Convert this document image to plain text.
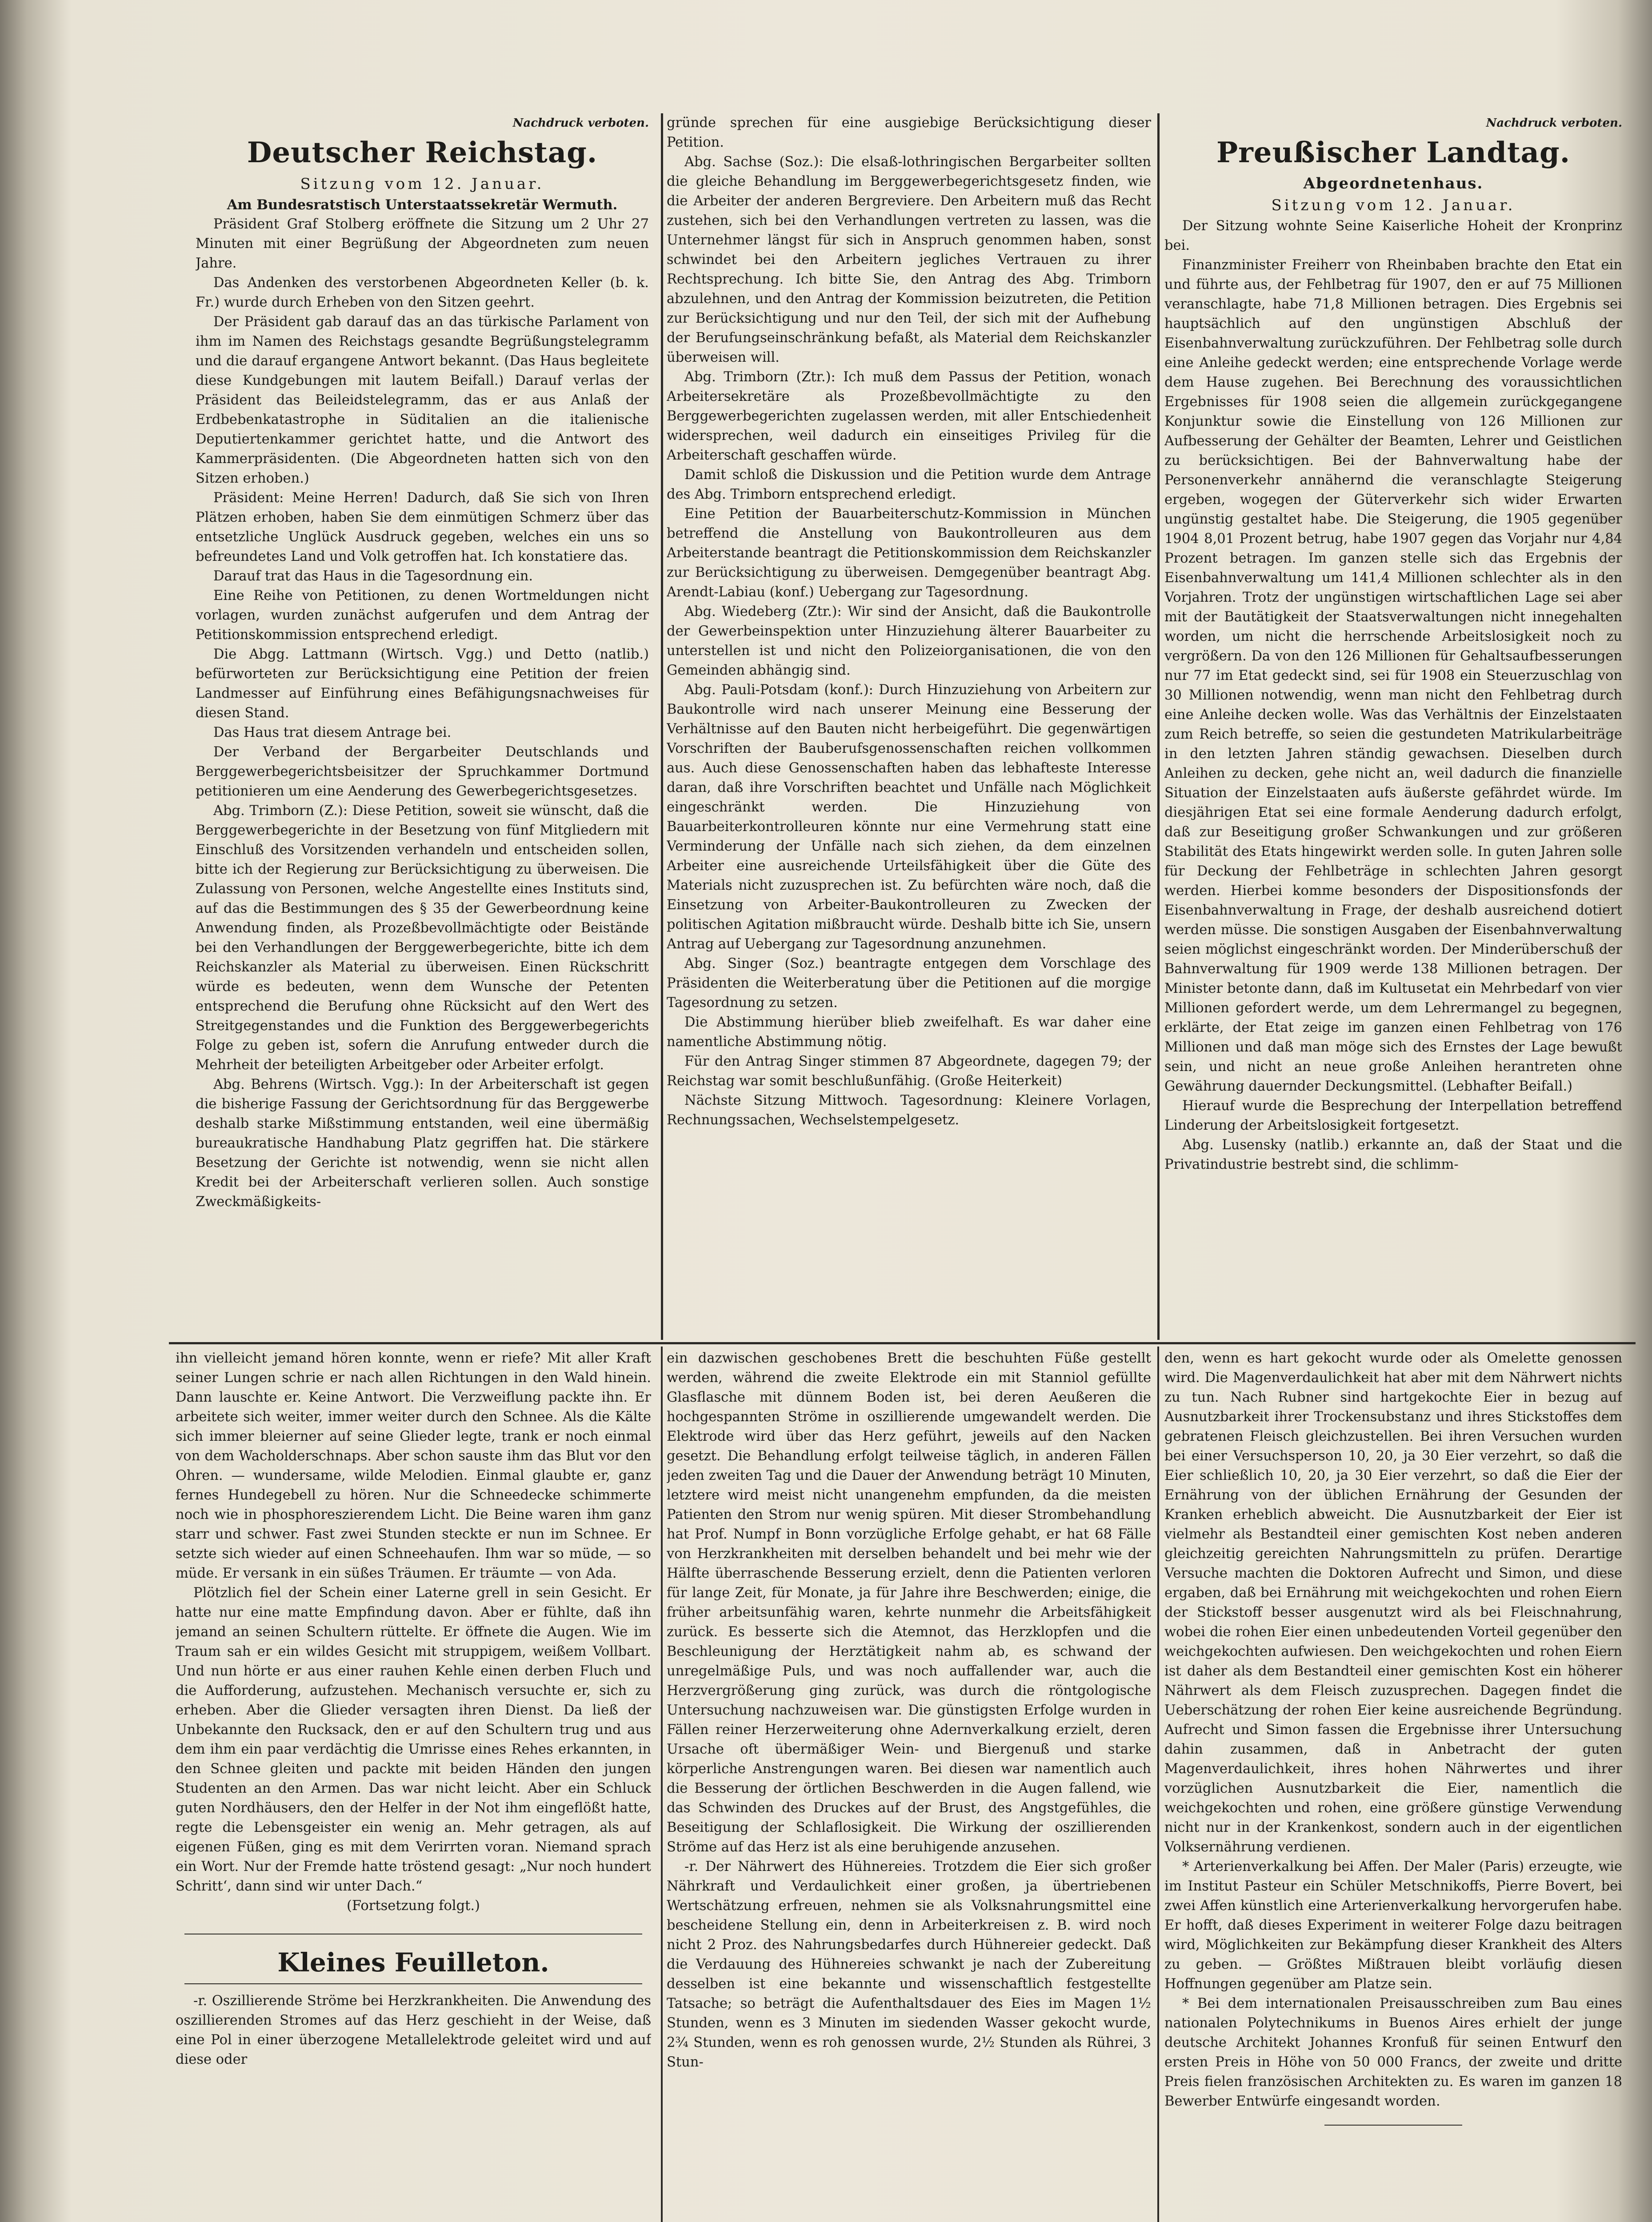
Nachdruck verboten.
Deutscher Reichstag.
Sitzung vom 12. Januar.
Am Bundesratstisch Unterstaatssekretär Wermuth.

Präsident Graf Stolberg eröffnete die Sitzung um 2 Uhr 27 Minuten mit einer Begrüßung der Abgeordneten zum neuen Jahre.

Das Andenken des verstorbenen Abgeordneten Keller (b. k. Fr.) wurde durch Erheben von den Sitzen geehrt.

Der Präsident gab darauf das an das türkische Parlament von ihm im Namen des Reichstags gesandte Begrüßungstelegramm und die darauf ergangene Antwort bekannt. (Das Haus begleitete diese Kundgebungen mit lautem Beifall.) Darauf verlas der Präsident das Beileidstelegramm, das er aus Anlaß der Erdbebenkatastrophe in Süditalien an die italienische Deputiertenkammer gerichtet hatte, und die Antwort des Kammerpräsidenten. (Die Abgeordneten hatten sich von den Sitzen erhoben.)

Präsident: Meine Herren! Dadurch, daß Sie sich von Ihren Plätzen erhoben, haben Sie dem einmütigen Schmerz über das entsetzliche Unglück Ausdruck gegeben, welches ein uns so befreundetes Land und Volk getroffen hat. Ich konstatiere das.

Darauf trat das Haus in die Tagesordnung ein.

Eine Reihe von Petitionen, zu denen Wortmeldungen nicht vorlagen, wurden zunächst aufgerufen und dem Antrag der Petitionskommission entsprechend erledigt.

Die Abgg. Lattmann (Wirtsch. Vgg.) und Detto (natlib.) befürworteten zur Berücksichtigung eine Petition der freien Landmesser auf Einführung eines Befähigungsnachweises für diesen Stand.

Das Haus trat diesem Antrage bei.

Der Verband der Bergarbeiter Deutschlands und Berggewerbegerichtsbeisitzer der Spruchkammer Dortmund petitionieren um eine Aenderung des Gewerbegerichtsgesetzes.

Abg. Trimborn (Z.): Diese Petition, soweit sie wünscht, daß die Berggewerbegerichte in der Besetzung von fünf Mitgliedern mit Einschluß des Vorsitzenden verhandeln und entscheiden sollen, bitte ich der Regierung zur Berücksichtigung zu überweisen. Die Zulassung von Personen, welche Angestellte eines Instituts sind, auf das die Bestimmungen des § 35 der Gewerbeordnung keine Anwendung finden, als Prozeßbevollmächtigte oder Beistände bei den Verhandlungen der Berggewerbegerichte, bitte ich dem Reichskanzler als Material zu überweisen. Einen Rückschritt würde es bedeuten, wenn dem Wunsche der Petenten entsprechend die Berufung ohne Rücksicht auf den Wert des Streitgegenstandes und die Funktion des Berggewerbegerichts Folge zu geben ist, sofern die Anrufung entweder durch die Mehrheit der beteiligten Arbeitgeber oder Arbeiter erfolgt.

Abg. Behrens (Wirtsch. Vgg.): In der Arbeiterschaft ist gegen die bisherige Fassung der Gerichtsordnung für das Berggewerbe deshalb starke Mißstimmung entstanden, weil eine übermäßig bureaukratische Handhabung Platz gegriffen hat. Die stärkere Besetzung der Gerichte ist notwendig, wenn sie nicht allen Kredit bei der Arbeiterschaft verlieren sollen. Auch sonstige Zweckmäßigkeits-

gründe sprechen für eine ausgiebige Berücksichtigung dieser Petition.

Abg. Sachse (Soz.): Die elsaß-lothringischen Bergarbeiter sollten die gleiche Behandlung im Berggewerbegerichtsgesetz finden, wie die Arbeiter der anderen Bergreviere. Den Arbeitern muß das Recht zustehen, sich bei den Verhandlungen vertreten zu lassen, was die Unternehmer längst für sich in Anspruch genommen haben, sonst schwindet bei den Arbeitern jegliches Vertrauen zu ihrer Rechtsprechung. Ich bitte Sie, den Antrag des Abg. Trimborn abzulehnen, und den Antrag der Kommission beizutreten, die Petition zur Berücksichtigung und nur den Teil, der sich mit der Aufhebung der Berufungseinschränkung befaßt, als Material dem Reichskanzler überweisen will.

Abg. Trimborn (Ztr.): Ich muß dem Passus der Petition, wonach Arbeitersekretäre als Prozeßbevollmächtigte zu den Berggewerbegerichten zugelassen werden, mit aller Entschiedenheit widersprechen, weil dadurch ein einseitiges Privileg für die Arbeiterschaft geschaffen würde.

Damit schloß die Diskussion und die Petition wurde dem Antrage des Abg. Trimborn entsprechend erledigt.

Eine Petition der Bauarbeiterschutz-Kommission in München betreffend die Anstellung von Baukontrolleuren aus dem Arbeiterstande beantragt die Petitionskommission dem Reichskanzler zur Berücksichtigung zu überweisen. Demgegenüber beantragt Abg. Arendt-Labiau (konf.) Uebergang zur Tagesordnung.

Abg. Wiedeberg (Ztr.): Wir sind der Ansicht, daß die Baukontrolle der Gewerbeinspektion unter Hinzuziehung älterer Bauarbeiter zu unterstellen ist und nicht den Polizeiorganisationen, die von den Gemeinden abhängig sind.

Abg. Pauli-Potsdam (konf.): Durch Hinzuziehung von Arbeitern zur Baukontrolle wird nach unserer Meinung eine Besserung der Verhältnisse auf den Bauten nicht herbeigeführt. Die gegenwärtigen Vorschriften der Bauberufsgenossenschaften reichen vollkommen aus. Auch diese Genossenschaften haben das lebhafteste Interesse daran, daß ihre Vorschriften beachtet und Unfälle nach Möglichkeit eingeschränkt werden. Die Hinzuziehung von Bauarbeiterkontrolleuren könnte nur eine Vermehrung statt eine Verminderung der Unfälle nach sich ziehen, da dem einzelnen Arbeiter eine ausreichende Urteilsfähigkeit über die Güte des Materials nicht zuzusprechen ist. Zu befürchten wäre noch, daß die Einsetzung von Arbeiter-Baukontrolleuren zu Zwecken der politischen Agitation mißbraucht würde. Deshalb bitte ich Sie, unsern Antrag auf Uebergang zur Tagesordnung anzunehmen.

Abg. Singer (Soz.) beantragte entgegen dem Vorschlage des Präsidenten die Weiterberatung über die Petitionen auf die morgige Tagesordnung zu setzen.

Die Abstimmung hierüber blieb zweifelhaft. Es war daher eine namentliche Abstimmung nötig.

Für den Antrag Singer stimmen 87 Abgeordnete, dagegen 79; der Reichstag war somit beschlußunfähig. (Große Heiterkeit)

Nächste Sitzung Mittwoch. Tagesordnung: Kleinere Vorlagen, Rechnungssachen, Wechselstempelgesetz.

Nachdruck verboten.
Preußischer Landtag.
Abgeordnetenhaus.
Sitzung vom 12. Januar.

Der Sitzung wohnte Seine Kaiserliche Hoheit der Kronprinz bei.

Finanzminister Freiherr von Rheinbaben brachte den Etat ein und führte aus, der Fehlbetrag für 1907, den er auf 75 Millionen veranschlagte, habe 71,8 Millionen betragen. Dies Ergebnis sei hauptsächlich auf den ungünstigen Abschluß der Eisenbahnverwaltung zurückzuführen. Der Fehlbetrag solle durch eine Anleihe gedeckt werden; eine entsprechende Vorlage werde dem Hause zugehen. Bei Berechnung des voraussichtlichen Ergebnisses für 1908 seien die allgemein zurückgegangene Konjunktur sowie die Einstellung von 126 Millionen zur Aufbesserung der Gehälter der Beamten, Lehrer und Geistlichen zu berücksichtigen. Bei der Bahnverwaltung habe der Personenverkehr annähernd die veranschlagte Steigerung ergeben, wogegen der Güterverkehr sich wider Erwarten ungünstig gestaltet habe. Die Steigerung, die 1905 gegenüber 1904 8,01 Prozent betrug, habe 1907 gegen das Vorjahr nur 4,84 Prozent betragen. Im ganzen stelle sich das Ergebnis der Eisenbahnverwaltung um 141,4 Millionen schlechter als in den Vorjahren. Trotz der ungünstigen wirtschaftlichen Lage sei aber mit der Bautätigkeit der Staatsverwaltungen nicht innegehalten worden, um nicht die herrschende Arbeitslosigkeit noch zu vergrößern. Da von den 126 Millionen für Gehaltsaufbesserungen nur 77 im Etat gedeckt sind, sei für 1908 ein Steuerzuschlag von 30 Millionen notwendig, wenn man nicht den Fehlbetrag durch eine Anleihe decken wolle. Was das Verhältnis der Einzelstaaten zum Reich betreffe, so seien die gestundeten Matrikularbeiträge in den letzten Jahren ständig gewachsen. Dieselben durch Anleihen zu decken, gehe nicht an, weil dadurch die finanzielle Situation der Einzelstaaten aufs äußerste gefährdet würde. Im diesjährigen Etat sei eine formale Aenderung dadurch erfolgt, daß zur Beseitigung großer Schwankungen und zur größeren Stabilität des Etats hingewirkt werden solle. In guten Jahren solle für Deckung der Fehlbeträge in schlechten Jahren gesorgt werden. Hierbei komme besonders der Dispositionsfonds der Eisenbahnverwaltung in Frage, der deshalb ausreichend dotiert werden müsse. Die sonstigen Ausgaben der Eisenbahnverwaltung seien möglichst eingeschränkt worden. Der Minderüberschuß der Bahnverwaltung für 1909 werde 138 Millionen betragen. Der Minister betonte dann, daß im Kultusetat ein Mehrbedarf von vier Millionen gefordert werde, um dem Lehrermangel zu begegnen, erklärte, der Etat zeige im ganzen einen Fehlbetrag von 176 Millionen und daß man möge sich des Ernstes der Lage bewußt sein, und nicht an neue große Anleihen herantreten ohne Gewährung dauernder Deckungsmittel. (Lebhafter Beifall.)

Hierauf wurde die Besprechung der Interpellation betreffend Linderung der Arbeitslosigkeit fortgesetzt.

Abg. Lusensky (natlib.) erkannte an, daß der Staat und die Privatindustrie bestrebt sind, die schlimm-

ihn vielleicht jemand hören konnte, wenn er riefe? Mit aller Kraft seiner Lungen schrie er nach allen Richtungen in den Wald hinein. Dann lauschte er. Keine Antwort. Die Verzweiflung packte ihn. Er arbeitete sich weiter, immer weiter durch den Schnee. Als die Kälte sich immer bleierner auf seine Glieder legte, trank er noch einmal von dem Wacholderschnaps. Aber schon sauste ihm das Blut vor den Ohren. — wundersame, wilde Melodien. Einmal glaubte er, ganz fernes Hundegebell zu hören. Nur die Schneedecke schimmerte noch wie in phosphoreszierendem Licht. Die Beine waren ihm ganz starr und schwer. Fast zwei Stunden steckte er nun im Schnee. Er setzte sich wieder auf einen Schneehaufen. Ihm war so müde, — so müde. Er versank in ein süßes Träumen. Er träumte — von Ada.

Plötzlich fiel der Schein einer Laterne grell in sein Gesicht. Er hatte nur eine matte Empfindung davon. Aber er fühlte, daß ihn jemand an seinen Schultern rüttelte. Er öffnete die Augen. Wie im Traum sah er ein wildes Gesicht mit struppigem, weißem Vollbart. Und nun hörte er aus einer rauhen Kehle einen derben Fluch und die Aufforderung, aufzustehen. Mechanisch versuchte er, sich zu erheben. Aber die Glieder versagten ihren Dienst. Da ließ der Unbekannte den Rucksack, den er auf den Schultern trug und aus dem ihm ein paar verdächtig die Umrisse eines Rehes erkannten, in den Schnee gleiten und packte mit beiden Händen den jungen Studenten an den Armen. Das war nicht leicht. Aber ein Schluck guten Nordhäusers, den der Helfer in der Not ihm eingeflößt hatte, regte die Lebensgeister ein wenig an. Mehr getragen, als auf eigenen Füßen, ging es mit dem Verirrten voran. Niemand sprach ein Wort. Nur der Fremde hatte tröstend gesagt: „Nur noch hundert Schritt‘, dann sind wir unter Dach.“

(Fortsetzung folgt.)
Kleines Feuilleton.

-r. Oszillierende Ströme bei Herzkrankheiten. Die Anwendung des oszillierenden Stromes auf das Herz geschieht in der Weise, daß eine Pol in einer überzogene Metallelektrode geleitet wird und auf diese oder

ein dazwischen geschobenes Brett die beschuhten Füße gestellt werden, während die zweite Elektrode ein mit Stanniol gefüllte Glasflasche mit dünnem Boden ist, bei deren Aeußeren die hochgespannten Ströme in oszillierende umgewandelt werden. Die Elektrode wird über das Herz geführt, jeweils auf den Nacken gesetzt. Die Behandlung erfolgt teilweise täglich, in anderen Fällen jeden zweiten Tag und die Dauer der Anwendung beträgt 10 Minuten, letztere wird meist nicht unangenehm empfunden, da die meisten Patienten den Strom nur wenig spüren. Mit dieser Strombehandlung hat Prof. Numpf in Bonn vorzügliche Erfolge gehabt, er hat 68 Fälle von Herzkrankheiten mit derselben behandelt und bei mehr wie der Hälfte überraschende Besserung erzielt, denn die Patienten verloren für lange Zeit, für Monate, ja für Jahre ihre Beschwerden; einige, die früher arbeitsunfähig waren, kehrte nunmehr die Arbeitsfähigkeit zurück. Es besserte sich die Atemnot, das Herzklopfen und die Beschleunigung der Herztätigkeit nahm ab, es schwand der unregelmäßige Puls, und was noch auffallender war, auch die Herzvergrößerung ging zurück, was durch die röntgologische Untersuchung nachzuweisen war. Die günstigsten Erfolge wurden in Fällen reiner Herzerweiterung ohne Adernverkalkung erzielt, deren Ursache oft übermäßiger Wein- und Biergenuß und starke körperliche Anstrengungen waren. Bei diesen war namentlich auch die Besserung der örtlichen Beschwerden in die Augen fallend, wie das Schwinden des Druckes auf der Brust, des Angstgefühles, die Beseitigung der Schlaflosigkeit. Die Wirkung der oszillierenden Ströme auf das Herz ist als eine beruhigende anzusehen.

-r. Der Nährwert des Hühnereies. Trotzdem die Eier sich großer Nährkraft und Verdaulichkeit einer großen, ja übertriebenen Wertschätzung erfreuen, nehmen sie als Volksnahrungsmittel eine bescheidene Stellung ein, denn in Arbeiterkreisen z. B. wird noch nicht 2 Proz. des Nahrungsbedarfes durch Hühnereier gedeckt. Daß die Verdauung des Hühnereies schwankt je nach der Zubereitung desselben ist eine bekannte und wissenschaftlich festgestellte Tatsache; so beträgt die Aufenthaltsdauer des Eies im Magen 1½ Stunden, wenn es 3 Minuten im siedenden Wasser gekocht wurde, 2¾ Stunden, wenn es roh genossen wurde, 2½ Stunden als Rührei, 3 Stun-

den, wenn es hart gekocht wurde oder als Omelette genossen wird. Die Magenverdaulichkeit hat aber mit dem Nährwert nichts zu tun. Nach Rubner sind hartgekochte Eier in bezug auf Ausnutzbarkeit ihrer Trockensubstanz und ihres Stickstoffes dem gebratenen Fleisch gleichzustellen. Bei ihren Versuchen wurden bei einer Versuchsperson 10, 20, ja 30 Eier verzehrt, so daß die Eier schließlich 10, 20, ja 30 Eier verzehrt, so daß die Eier der Ernährung von der üblichen Ernährung der Gesunden der Kranken erheblich abweicht. Die Ausnutzbarkeit der Eier ist vielmehr als Bestandteil einer gemischten Kost neben anderen gleichzeitig gereichten Nahrungsmitteln zu prüfen. Derartige Versuche machten die Doktoren Aufrecht und Simon, und diese ergaben, daß bei Ernährung mit weichgekochten und rohen Eiern der Stickstoff besser ausgenutzt wird als bei Fleischnahrung, wobei die rohen Eier einen unbedeutenden Vorteil gegenüber den weichgekochten aufwiesen. Den weichgekochten und rohen Eiern ist daher als dem Bestandteil einer gemischten Kost ein höherer Nährwert als dem Fleisch zuzusprechen. Dagegen findet die Ueberschätzung der rohen Eier keine ausreichende Begründung. Aufrecht und Simon fassen die Ergebnisse ihrer Untersuchung dahin zusammen, daß in Anbetracht der guten Magenverdaulichkeit, ihres hohen Nährwertes und ihrer vorzüglichen Ausnutzbarkeit die Eier, namentlich die weichgekochten und rohen, eine größere günstige Verwendung nicht nur in der Krankenkost, sondern auch in der eigentlichen Volksernährung verdienen.

* Arterienverkalkung bei Affen. Der Maler (Paris) erzeugte, wie im Institut Pasteur ein Schüler Metschnikoffs, Pierre Bovert, bei zwei Affen künstlich eine Arterienverkalkung hervorgerufen habe. Er hofft, daß dieses Experiment in weiterer Folge dazu beitragen wird, Möglichkeiten zur Bekämpfung dieser Krankheit des Alters zu geben. — Größtes Mißtrauen bleibt vorläufig diesen Hoffnungen gegenüber am Platze sein.

* Bei dem internationalen Preisausschreiben zum Bau eines nationalen Polytechnikums in Buenos Aires erhielt der junge deutsche Architekt Johannes Kronfuß für seinen Entwurf den ersten Preis in Höhe von 50 000 Francs, der zweite und dritte Preis fielen französischen Architekten zu. Es waren im ganzen 18 Bewerber Entwürfe eingesandt worden.
